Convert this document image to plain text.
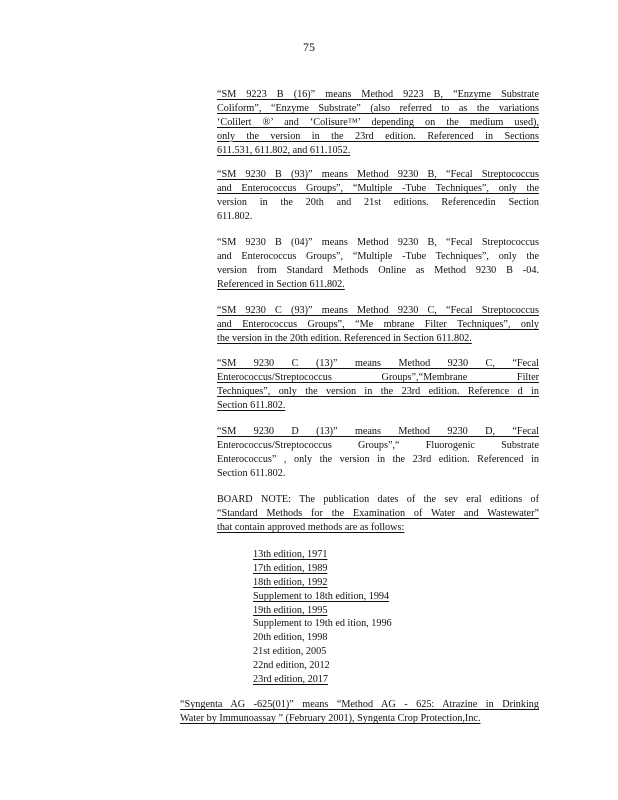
75
“SM 9223 B (16)” means Method 9223 B, “Enzyme Substrate
Coliform”, “Enzyme Substrate” (also referred to as the variations
‘Colilert ®’ and ‘Colisure™’ depending on the medium used),
only the version in the 23rd edition. Referenced in Sections
611.531, 611.802, and 611.1052.
“SM 9230 B (93)” means Method 9230 B, “Fecal Streptococcus
and Enterococcus Groups”, “Multiple -Tube Techniques”, only the
version in the 20th and 21st editions. Referencedin Section
611.802.
“SM 9230 B (04)” means Method 9230 B, “Fecal Streptococcus
and Enterococcus Groups”, “Multiple -Tube Techniques”, only the
version from Standard Methods Online as Method 9230 B -04.
Referenced in Section 611.802.
“SM 9230 C (93)” means Method 9230 C, “Fecal Streptococcus
and Enterococcus Groups”, “Me mbrane Filter Techniques”, only
the version in the 20th edition. Referenced in Section 611.802.
“SM 9230 C (13)” means Method 9230 C, “Fecal
Enterococcus/Streptococcus Groups”,“Membrane Filter
Techniques”, only the version in the 23rd edition. Reference d in
Section 611.802.
“SM 9230 D (13)” means Method 9230 D, “Fecal
Enterococcus/Streptococcus Groups”,“ Fluorogenic Substrate
Enterococcus” , only the version in the 23rd edition. Referenced in
Section 611.802.
BOARD NOTE: The publication dates of the sev eral editions of
“Standard Methods for the Examination of Water and Wastewater”
that contain approved methods are as follows:
13th edition, 1971
17th edition, 1989
18th edition, 1992
Supplement to 18th edition, 1994
19th edition, 1995
Supplement to 19th ed ition, 1996
20th edition, 1998
21st edition, 2005
22nd edition, 2012
23rd edition, 2017
“Syngenta AG -625(01)” means “Method AG - 625: Atrazine in Drinking
Water by Immunoassay ” (February 2001), Syngenta Crop Protection,Inc.
